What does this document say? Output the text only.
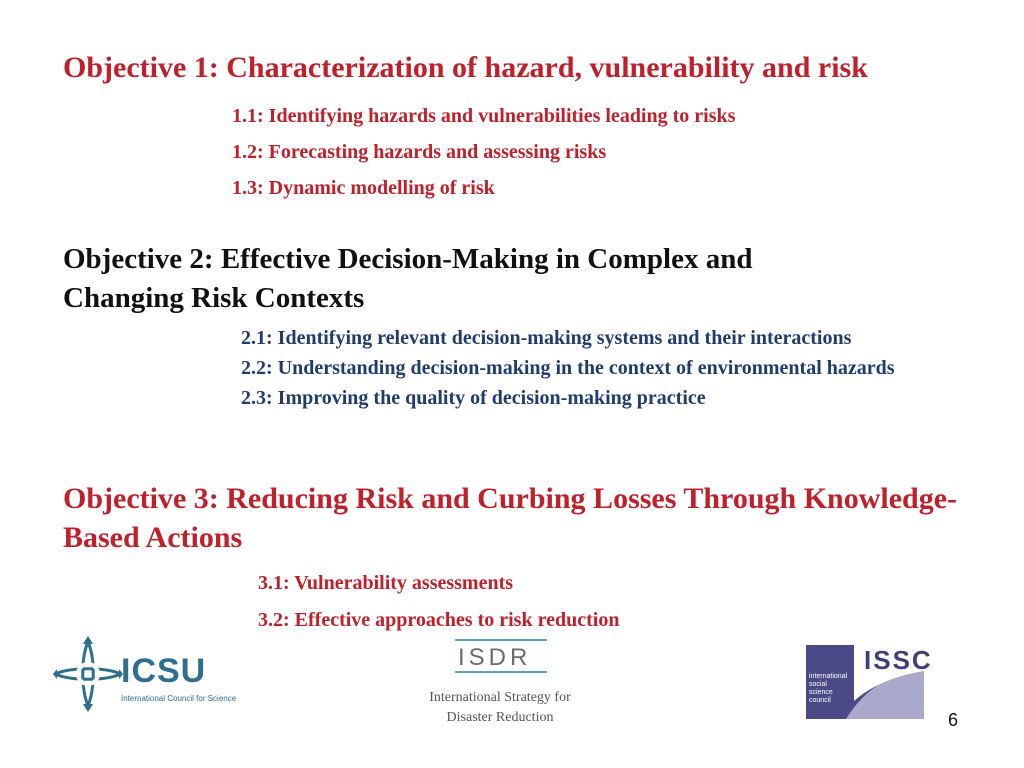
Objective 1: Characterization of hazard, vulnerability and risk
1.1: Identifying hazards and vulnerabilities leading to risks
1.2: Forecasting hazards and assessing risks
1.3: Dynamic modelling of risk
Objective 2: Effective Decision-Making in Complex and Changing Risk Contexts
2.1: Identifying relevant decision-making systems and their interactions
2.2: Understanding decision-making in the context of environmental hazards
2.3: Improving the quality of decision-making practice
Objective 3: Reducing Risk and Curbing Losses Through Knowledge-Based Actions
3.1: Vulnerability assessments
3.2: Effective approaches to risk reduction
ICSU
International Council for Science
ISDR
International Strategy for
Disaster Reduction
ISSC
international
social
science
council
6
